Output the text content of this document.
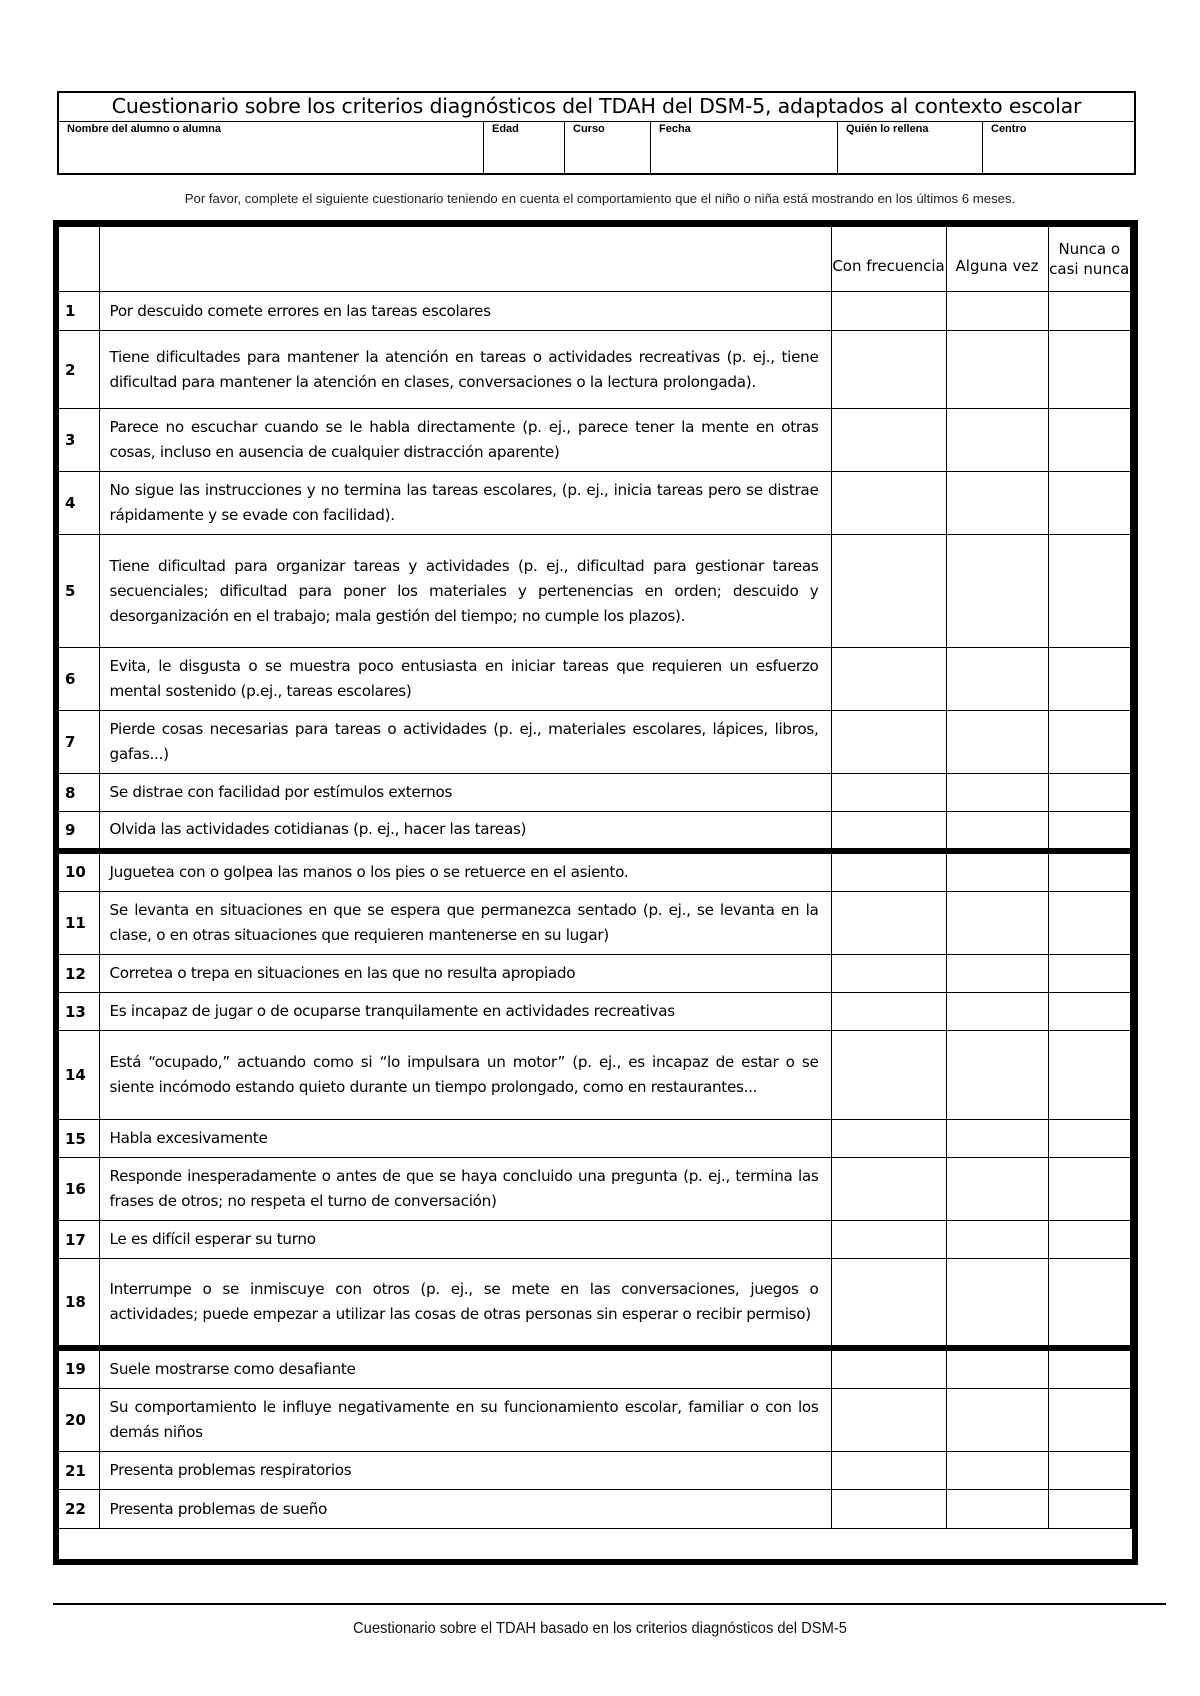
Cuestionario sobre los criterios diagnósticos del TDAH del DSM-5, adaptados al contexto escolar
Nombre del alumno o alumna	Edad	Curso	Fecha	Quién lo rellena	Centro
Por favor, complete el siguiente cuestionario teniendo en cuenta el comportamiento que el niño o niña está mostrando en los últimos 6 meses.
		Con frecuencia	Alguna vez	Nunca o casi nunca
1	Por descuido comete errores en las tareas escolares			
2	Tiene dificultades para mantener la atención en tareas o actividades recreativas (p. ej., tiene dificultad para mantener la atención en clases, conversaciones o la lectura prolongada).			
3	Parece no escuchar cuando se le habla directamente (p. ej., parece tener la mente en otras cosas, incluso en ausencia de cualquier distracción aparente)			
4	No sigue las instrucciones y no termina las tareas escolares, (p. ej., inicia tareas pero se distrae rápidamente y se evade con facilidad).			
5	Tiene dificultad para organizar tareas y actividades (p. ej., dificultad para gestionar tareas secuenciales; dificultad para poner los materiales y pertenencias en orden; descuido y desorganización en el trabajo; mala gestión del tiempo; no cumple los plazos).			
6	Evita, le disgusta o se muestra poco entusiasta en iniciar tareas que requieren un esfuerzo mental sostenido (p.ej., tareas escolares)			
7	Pierde cosas necesarias para tareas o actividades (p. ej., materiales escolares, lápices, libros, gafas...)			
8	Se distrae con facilidad por estímulos externos			
9	Olvida las actividades cotidianas (p. ej., hacer las tareas)			
10	Juguetea con o golpea las manos o los pies o se retuerce en el asiento.			
11	Se levanta en situaciones en que se espera que permanezca sentado (p. ej., se levanta en la clase, o en otras situaciones que requieren mantenerse en su lugar)			
12	Corretea o trepa en situaciones en las que no resulta apropiado			
13	Es incapaz de jugar o de ocuparse tranquilamente en actividades recreativas			
14	Está “ocupado,” actuando como si “lo impulsara un motor” (p. ej., es incapaz de estar o se siente incómodo estando quieto durante un tiempo prolongado, como en restaurantes...			
15	Habla excesivamente			
16	Responde inesperadamente o antes de que se haya concluido una pregunta (p. ej., termina las frases de otros; no respeta el turno de conversación)			
17	Le es difícil esperar su turno			
18	Interrumpe o se inmiscuye con otros (p. ej., se mete en las conversaciones, juegos o actividades; puede empezar a utilizar las cosas de otras personas sin esperar o recibir permiso)			
19	Suele mostrarse como desafiante			
20	Su comportamiento le influye negativamente en su funcionamiento escolar, familiar o con los demás niños			
21	Presenta problemas respiratorios			
22	Presenta problemas de sueño			
Cuestionario sobre el TDAH basado en los criterios diagnósticos del DSM-5
